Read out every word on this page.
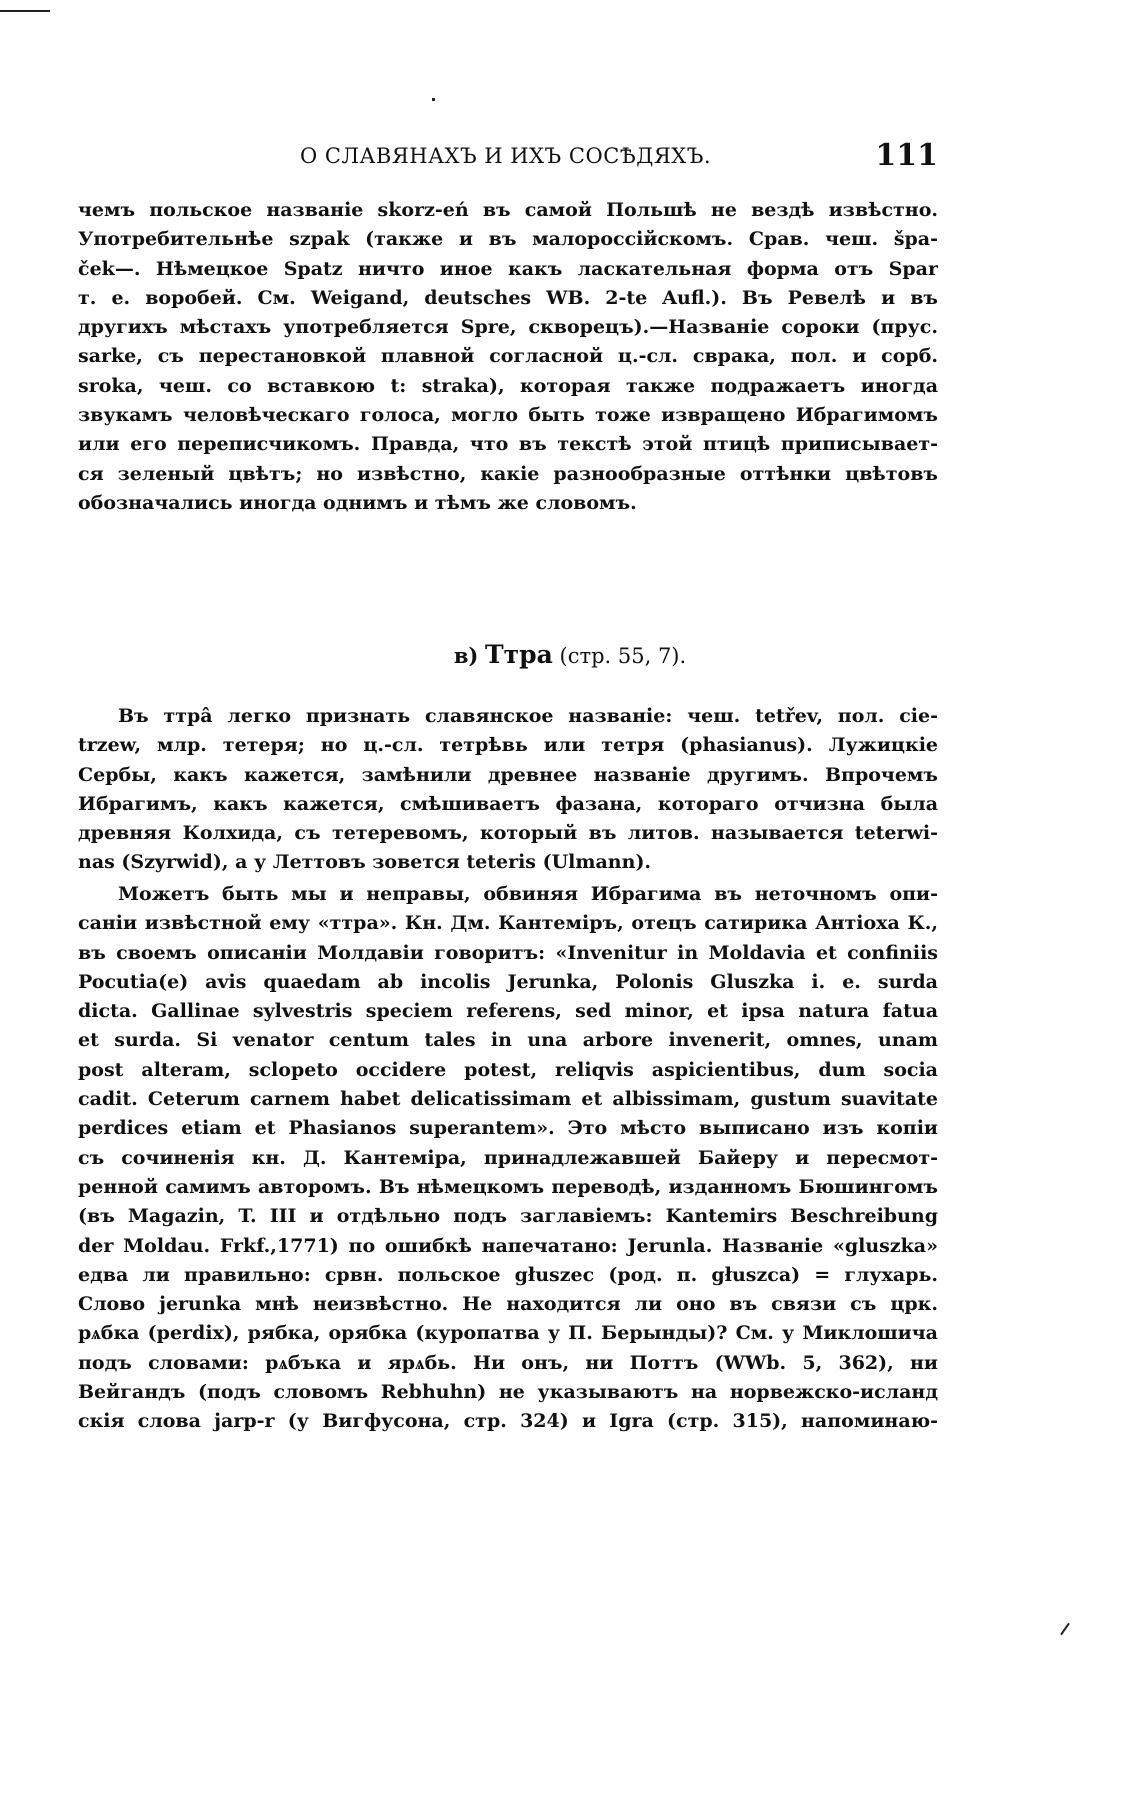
О СЛАВЯНАХЪ И ИХЪ СОСѢДЯХЪ.	111
чемъ польское названіе skorz-eń въ самой Польшѣ не вездѣ извѣстно.
Употребительнѣе szpak (также и въ малороссійскомъ. Срав. чеш. špa-
ček—. Нѣмецкое Spatz ничто иное какъ ласкательная форма отъ Spar
т. е. воробей. См. Weigand, deutsches WB. 2-te Aufl.). Въ Ревелѣ и въ
другихъ мѣстахъ употребляется Spre, скворецъ).—Названіе сороки (прус.
sarke, съ перестановкой плавной согласной ц.-сл. сврака, пол. и сорб.
sroka, чеш. со вставкою t: straka), которая также подражаетъ иногда
звукамъ человѣческаго голоса, могло быть тоже извращено Ибрагимомъ
или его переписчикомъ. Правда, что въ текстѣ этой птицѣ приписывает-
ся зеленый цвѣтъ; но извѣстно, какіе разнообразные оттѣнки цвѣтовъ
обозначались иногда однимъ и тѣмъ же словомъ.
в) Ттра (стр. 55, 7).
Въ ттрâ легко признать славянское названіе: чеш. tetřev, пол. cie-
trzew, млр. тетеря; но ц.-сл. тетрѣвь или тетря (phasianus). Лужицкіе
Сербы, какъ кажется, замѣнили древнее названіе другимъ. Впрочемъ
Ибрагимъ, какъ кажется, смѣшиваетъ фазана, котораго отчизна была
древняя Колхида, съ тетеревомъ, который въ литов. называется teterwi-
nas (Szyrwid), а у Леттовъ зовется teteris (Ulmann).
Можетъ быть мы и неправы, обвиняя Ибрагима въ неточномъ опи-
саніи извѣстной ему «ттра». Кн. Дм. Кантеміръ, отецъ сатирика Антіоха К.,
въ своемъ описаніи Молдавіи говоритъ: «Invenitur in Moldavia et confiniis
Pocutia(e) avis quaedam ab incolis Jerunka, Polonis Gluszka i. e. surda
dicta. Gallinae sylvestris speciem referens, sed minor, et ipsa natura fatua
et surda. Si venator centum tales in una arbore invenerit, omnes, unam
post alteram, sclopeto occidere potest, reliqvis aspicientibus, dum socia
cadit. Ceterum carnem habet delicatissimam et albissimam, gustum suavitate
perdices etiam et Phasianos superantem». Это мѣсто выписано изъ копіи
съ сочиненія кн. Д. Кантеміра, принадлежавшей Байеру и пересмот-
ренной самимъ авторомъ. Въ нѣмецкомъ переводѣ, изданномъ Бюшингомъ
(въ Magazin, T. III и отдѣльно подъ заглавіемъ: Kantemirs Beschreibung
der Moldau. Frkf.,1771) по ошибкѣ напечатано: Jerunla. Названіе «gluszka»
едва ли правильно: срвн. польское głuszec (род. п. głuszca) = глухарь.
Слово jerunka мнѣ неизвѣстно. Не находится ли оно въ связи съ црк.
рѧбка (perdix), рябка, орябка (куропатва у П. Берынды)? См. у Миклошича
подъ словами: рѧбъка и ярѧбь. Ни онъ, ни Поттъ (WWb. 5, 362), ни
Вейгандъ (подъ словомъ Rebhuhn) не указываютъ на норвежско-исланд
скія слова jarp-r (у Вигфусона, стр. 324) и Igra (стр. 315), напоминаю-
